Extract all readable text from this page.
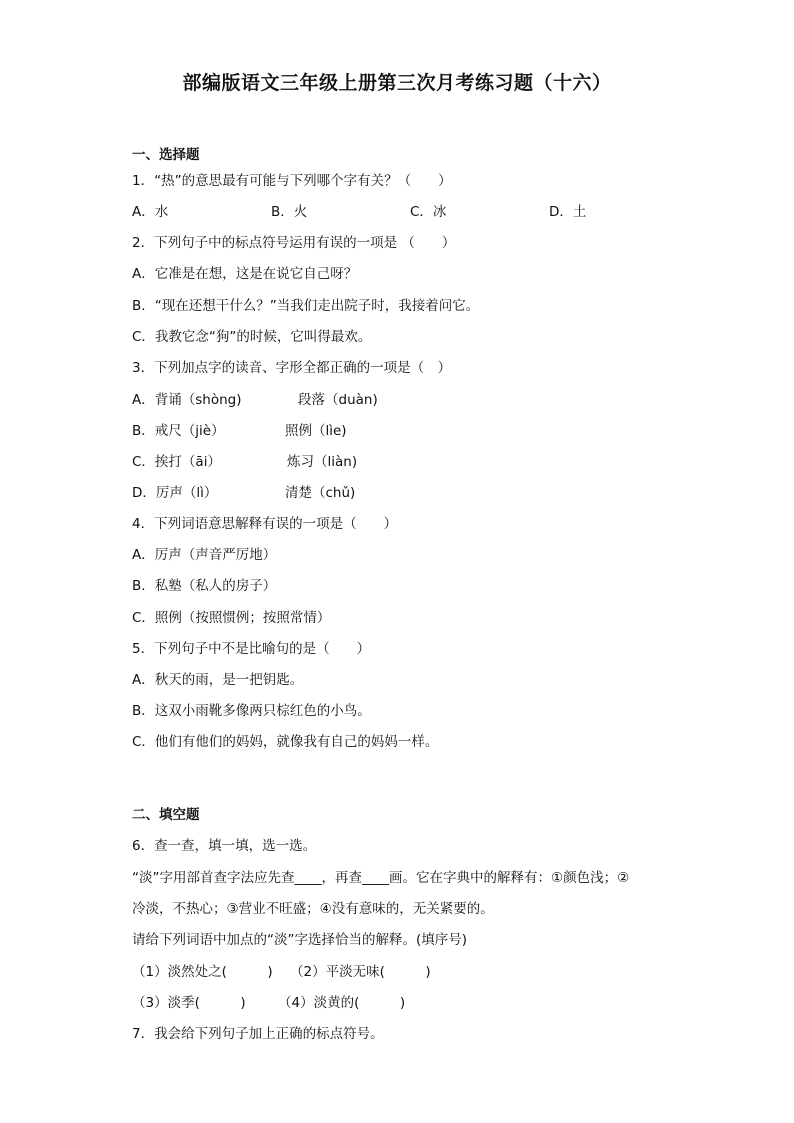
部编版语文三年级上册第三次月考练习题（十六）
一、选择题
1．“热”的意思最有可能与下列哪个字有关？（　　）
A．水	B．火	C．冰	D．土
2．下列句子中的标点符号运用有误的一项是 （　　）
A．它准是在想，这是在说它自己呀？
B．“现在还想干什么？”当我们走出院子时，我接着问它。
C．我教它念“狗”的时候，它叫得最欢。
3．下列加点字的读音、字形全都正确的一项是（　）
A．背诵（shòng)	段落（duàn)
B．戒尺（jiè）	照例（lìe)
C．挨打（āi）	炼习（liàn)
D．厉声（lì）	清楚（chǔ)
4．下列词语意思解释有误的一项是（　　）
A．厉声（声音严厉地）
B．私塾（私人的房子）
C．照例（按照惯例；按照常情）
5．下列句子中不是比喻句的是（　　）
A．秋天的雨，是一把钥匙。
B．这双小雨靴多像两只棕红色的小鸟。
C．他们有他们的妈妈，就像我有自己的妈妈一样。
二、填空题
6．查一查，填一填，选一选。
“淡”字用部首查字法应先查____，再查____画。它在字典中的解释有：①颜色浅；②
冷淡，不热心；③营业不旺盛；④没有意味的，无关紧要的。
请给下列词语中加点的“淡”字选择恰当的解释。(填序号)
（1）淡然处之(　　　) （2）平淡无味(　　　)
（3）淡季(　　　) （4）淡黄的(　　　)
7．我会给下列句子加上正确的标点符号。
